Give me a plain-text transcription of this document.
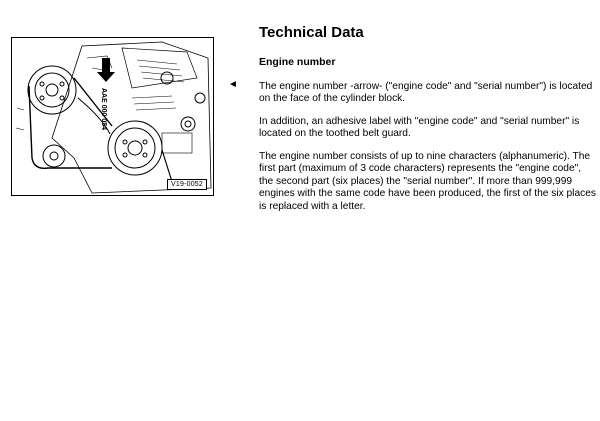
AAE 000 054
V19-0052
◄
Technical Data
Engine number

The engine number -arrow- ("engine code" and "serial number") is located on the face of the cylinder block.

In addition, an adhesive label with "engine code" and "serial number" is located on the toothed belt guard.

The engine number consists of up to nine characters (alphanumeric). The first part (maximum of 3 code characters) represents the "engine code", the second part (six places) the "serial number". If more than 999,999 engines with the same code have been produced, the first of the six places is replaced with a letter.
